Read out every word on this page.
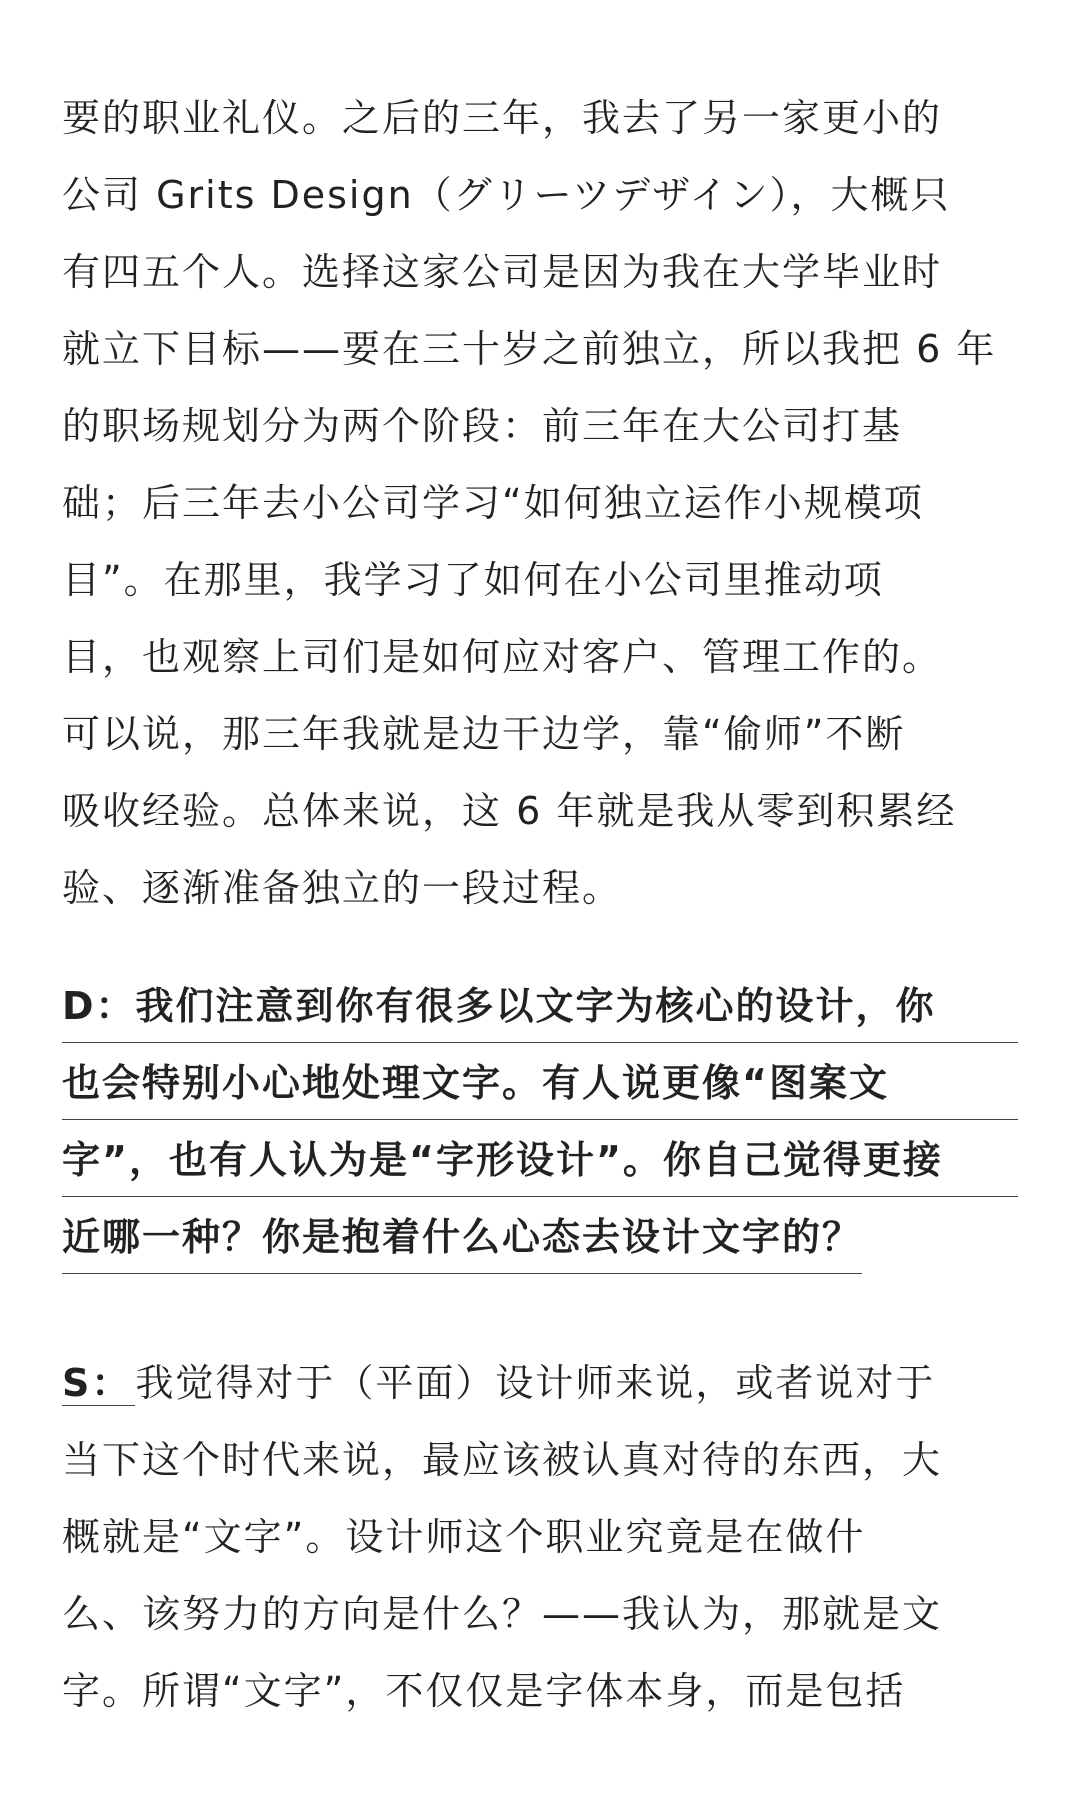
要的职业礼仪。之后的三年，我去了另一家更小的
公司 Grits Design（グリーツデザイン），大概只
有四五个人。选择这家公司是因为我在大学毕业时
就立下目标——要在三十岁之前独立，所以我把 6 年
的职场规划分为两个阶段：前三年在大公司打基
础；后三年去小公司学习“如何独立运作小规模项
目”。在那里，我学习了如何在小公司里推动项
目，也观察上司们是如何应对客户、管理工作的。
可以说，那三年我就是边干边学，靠“偷师”不断
吸收经验。总体来说，这 6 年就是我从零到积累经
验、逐渐准备独立的一段过程。
D：我们注意到你有很多以文字为核心的设计，你
也会特别小心地处理文字。有人说更像“图案文
字”，也有人认为是“字形设计”。你自己觉得更接
近哪一种？你是抱着什么心态去设计文字的？
S： 我觉得对于（平面）设计师来说，或者说对于
当下这个时代来说，最应该被认真对待的东西，大
概就是“文字”。设计师这个职业究竟是在做什
么、该努力的方向是什么？——我认为，那就是文
字。所谓“文字”，不仅仅是字体本身，而是包括
